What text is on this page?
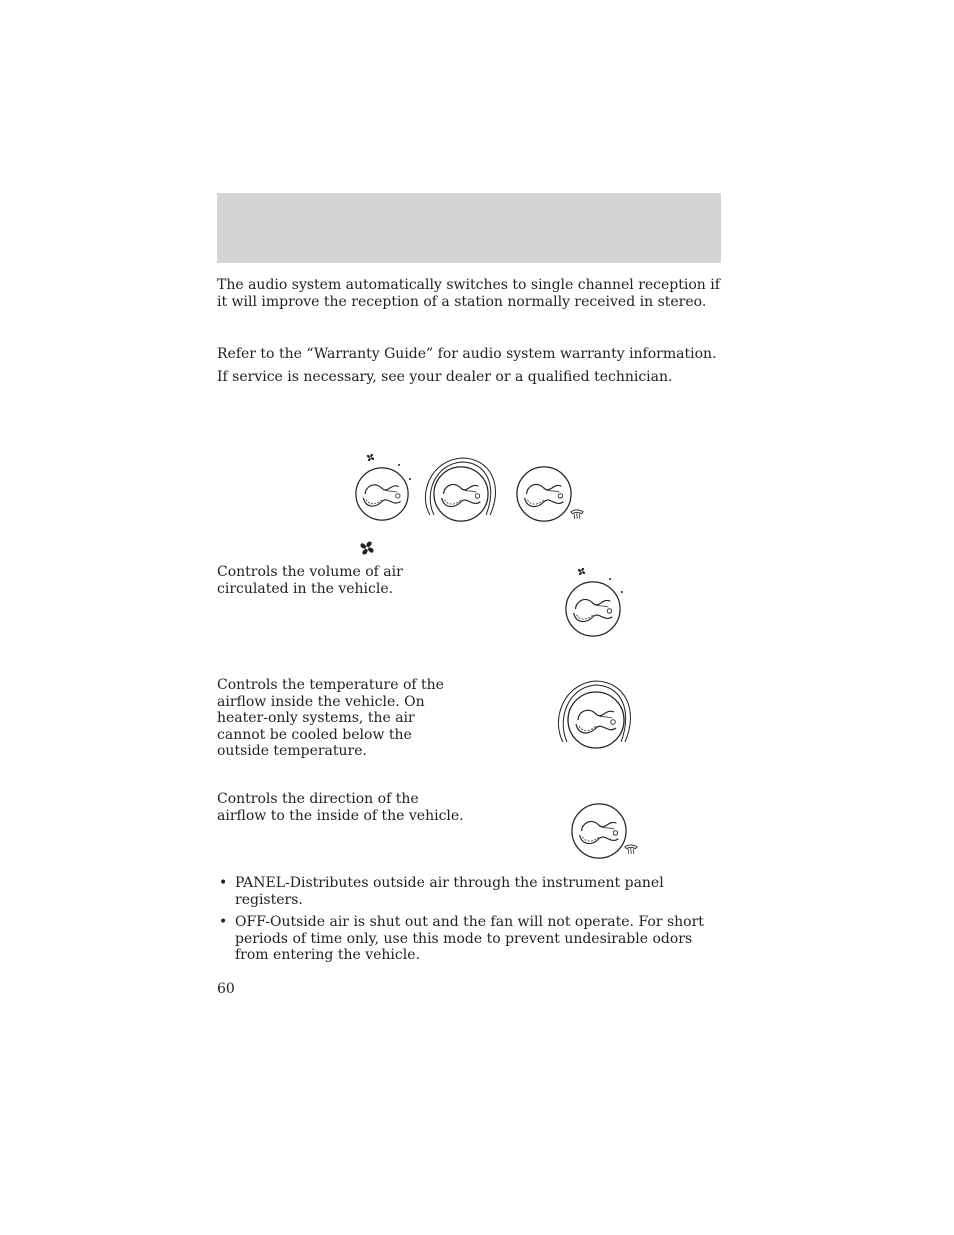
The audio system automatically switches to single channel reception if it will improve the reception of a station normally received in stereo.
Refer to the “Warranty Guide” for audio system warranty information.
If service is necessary, see your dealer or a qualified technician.
Controls the volume of air circulated in the vehicle.
Controls the temperature of the airflow inside the vehicle. On heater-only systems, the air cannot be cooled below the outside temperature.
Controls the direction of the airflow to the inside of the vehicle.
• PANEL-Distributes outside air through the instrument panel registers.
• OFF-Outside air is shut out and the fan will not operate. For short periods of time only, use this mode to prevent undesirable odors from entering the vehicle.
60
